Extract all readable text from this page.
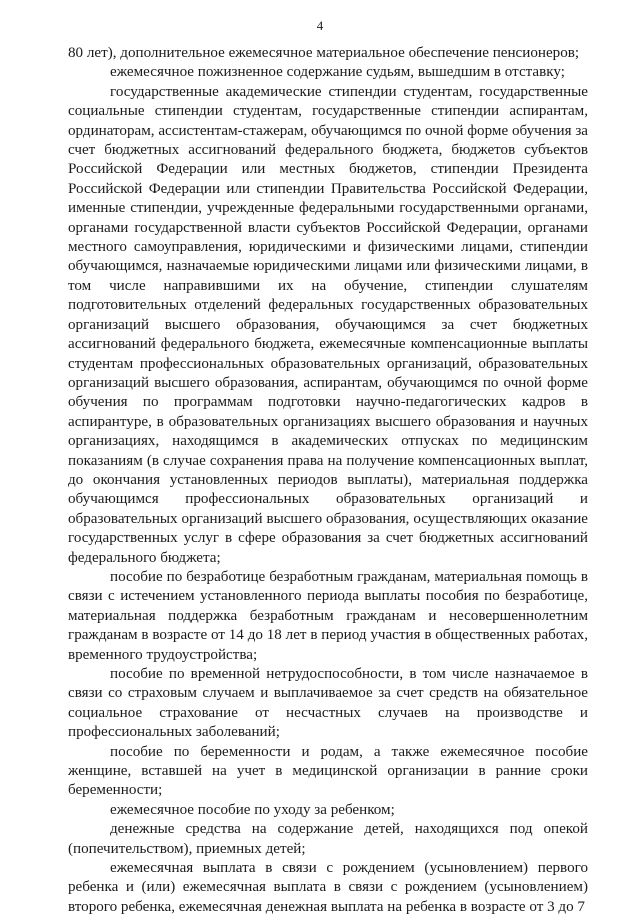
4

80 лет), дополнительное ежемесячное материальное обеспечение пенсионеров;

ежемесячное пожизненное содержание судьям, вышедшим в отставку;

государственные академические стипендии студентам, государственные социальные стипендии студентам, государственные стипендии аспирантам, ординаторам, ассистентам-стажерам, обучающимся по очной форме обучения за счет бюджетных ассигнований федерального бюджета, бюджетов субъектов Российской Федерации или местных бюджетов, стипендии Президента Российской Федерации или стипендии Правительства Российской Федерации, именные стипендии, учрежденные федеральными государственными органами, органами государственной власти субъектов Российской Федерации, органами местного самоуправления, юридическими и физическими лицами, стипендии обучающимся, назначаемые юридическими лицами или физическими лицами, в том числе направившими их на обучение, стипендии слушателям подготовительных отделений федеральных государственных образовательных организаций высшего образования, обучающимся за счет бюджетных ассигнований федерального бюджета, ежемесячные компенсационные выплаты студентам профессиональных образовательных организаций, образовательных организаций высшего образования, аспирантам, обучающимся по очной форме обучения по программам подготовки научно-педагогических кадров в аспирантуре, в образовательных организациях высшего образования и научных организациях, находящимся в академических отпусках по медицинским показаниям (в случае сохранения права на получение компенсационных выплат, до окончания установленных периодов выплаты), материальная поддержка обучающимся профессиональных образовательных организаций и образовательных организаций высшего образования, осуществляющих оказание государственных услуг в сфере образования за счет бюджетных ассигнований федерального бюджета;

пособие по безработице безработным гражданам, материальная помощь в связи с истечением установленного периода выплаты пособия по безработице, материальная поддержка безработным гражданам и несовершеннолетним гражданам в возрасте от 14 до 18 лет в период участия в общественных работах, временного трудоустройства;

пособие по временной нетрудоспособности, в том числе назначаемое в связи со страховым случаем и выплачиваемое за счет средств на обязательное социальное страхование от несчастных случаев на производстве и профессиональных заболеваний;

пособие по беременности и родам, а также ежемесячное пособие женщине, вставшей на учет в медицинской организации в ранние сроки беременности;

ежемесячное пособие по уходу за ребенком;

денежные средства на содержание детей, находящихся под опекой (попечительством), приемных детей;

ежемесячная выплата в связи с рождением (усыновлением) первого ребенка и (или) ежемесячная выплата в связи с рождением (усыновлением) второго ребенка, ежемесячная денежная выплата на ребенка в возрасте от 3 до 7
